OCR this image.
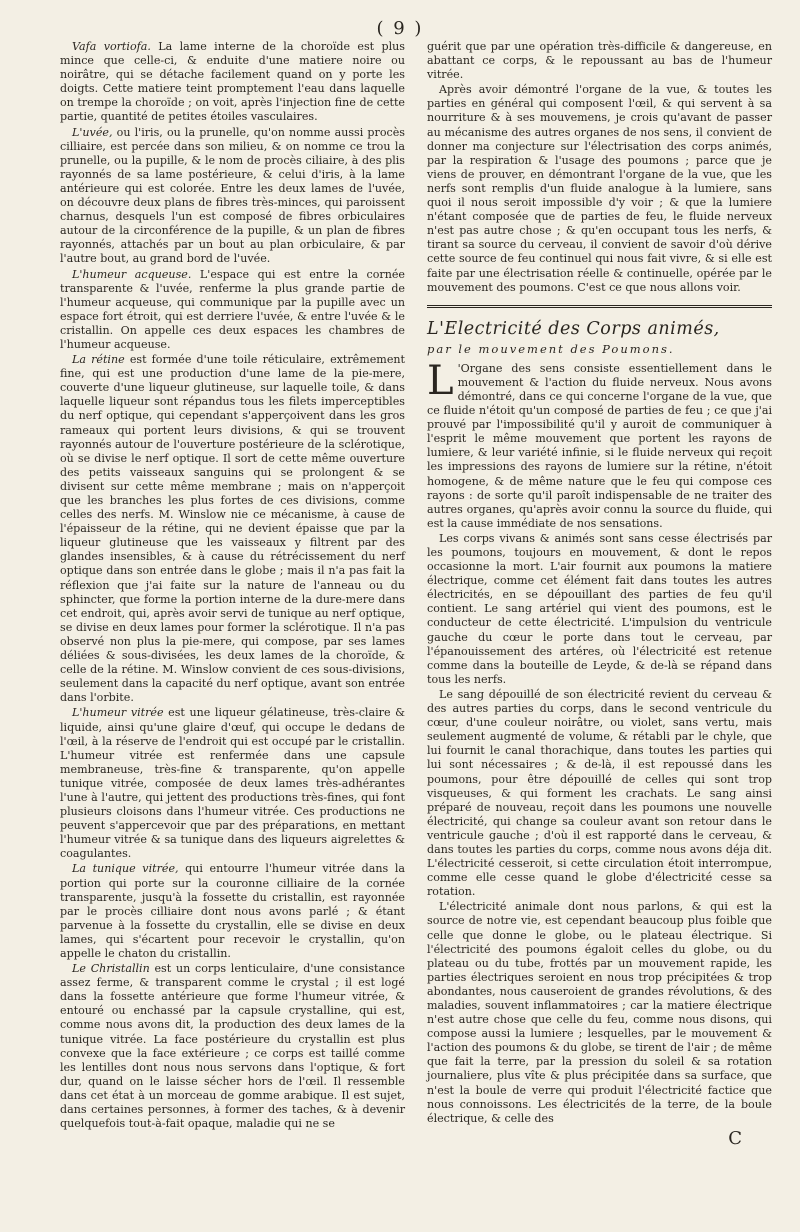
( 9 )

Vafa vortiofa. La lame interne de la choroïde est plus mince que celle-ci, & enduite d'une matiere noire ou noirâtre, qui se détache facilement quand on y porte les doigts. Cette matiere teint promptement l'eau dans laquelle on trempe la choroïde ; on voit, après l'injection fine de cette partie, quantité de petites étoiles vasculaires.

L'uvée, ou l'iris, ou la prunelle, qu'on nomme aussi procès cilliaire, est percée dans son milieu, & on nomme ce trou la prunelle, ou la pupille, & le nom de procès ciliaire, à des plis rayonnés de sa lame postérieure, & celui d'iris, à la lame antérieure qui est colorée. Entre les deux lames de l'uvée, on découvre deux plans de fibres très-minces, qui paroissent charnus, desquels l'un est composé de fibres orbiculaires autour de la circonférence de la pupille, & un plan de fibres rayonnés, attachés par un bout au plan orbiculaire, & par l'autre bout, au grand bord de l'uvée.

L'humeur acqueuse. L'espace qui est entre la cornée transparente & l'uvée, renferme la plus grande partie de l'humeur acqueuse, qui communique par la pupille avec un espace fort étroit, qui est derriere l'uvée, & entre l'uvée & le cristallin. On appelle ces deux espaces les chambres de l'humeur acqueuse.

La rétine est formée d'une toile réticulaire, extrêmement fine, qui est une production d'une lame de la pie-mere, couverte d'une liqueur glutineuse, sur laquelle toile, & dans laquelle liqueur sont répandus tous les filets imperceptibles du nerf optique, qui cependant s'apperçoivent dans les gros rameaux qui portent leurs divisions, & qui se trouvent rayonnés autour de l'ouverture postérieure de la sclérotique, où se divise le nerf optique. Il sort de cette même ouverture des petits vaisseaux sanguins qui se prolongent & se divisent sur cette même membrane ; mais on n'apperçoit que les branches les plus fortes de ces divisions, comme celles des nerfs. M. Winslow nie ce mécanisme, à cause de l'épaisseur de la rétine, qui ne devient épaisse que par la liqueur glutineuse que les vaisseaux y filtrent par des glandes insensibles, & à cause du rétrécissement du nerf optique dans son entrée dans le globe ; mais il n'a pas fait la réflexion que j'ai faite sur la nature de l'anneau ou du sphincter, que forme la portion interne de la dure-mere dans cet endroit, qui, après avoir servi de tunique au nerf optique, se divise en deux lames pour former la sclérotique. Il n'a pas observé non plus la pie-mere, qui compose, par ses lames déliées & sous-divisées, les deux lames de la choroïde, & celle de la rétine. M. Winslow convient de ces sous-divisions, seulement dans la capacité du nerf optique, avant son entrée dans l'orbite.

L'humeur vitrée est une liqueur gélatineuse, très-claire & liquide, ainsi qu'une glaire d'œuf, qui occupe le dedans de l'œil, à la réserve de l'endroit qui est occupé par le cristallin. L'humeur vitrée est renfermée dans une capsule membraneuse, très-fine & transparente, qu'on appelle tunique vitrée, composée de deux lames très-adhérantes l'une à l'autre, qui jettent des productions très-fines, qui font plusieurs cloisons dans l'humeur vitrée. Ces productions ne peuvent s'appercevoir que par des préparations, en mettant l'humeur vitrée & sa tunique dans des liqueurs aigrelettes & coagulantes.

La tunique vitrée, qui entourre l'humeur vitrée dans la portion qui porte sur la couronne cilliaire de la cornée transparente, jusqu'à la fossette du cristallin, est rayonnée par le procès cilliaire dont nous avons parlé ; & étant parvenue à la fossette du crystallin, elle se divise en deux lames, qui s'écartent pour recevoir le crystallin, qu'on appelle le chaton du cristallin.

Le Christallin est un corps lenticulaire, d'une consistance assez ferme, & transparent comme le crystal ; il est logé dans la fossette antérieure que forme l'humeur vitrée, & entouré ou enchassé par la capsule crystalline, qui est, comme nous avons dit, la production des deux lames de la tunique vitrée. La face postérieure du crystallin est plus convexe que la face extérieure ; ce corps est taillé comme les lentilles dont nous nous servons dans l'optique, & fort dur, quand on le laisse sécher hors de l'œil. Il ressemble dans cet état à un morceau de gomme arabique. Il est sujet, dans certaines personnes, à former des taches, & à devenir quelquefois tout-à-fait opaque, maladie qui ne se

guérit que par une opération très-difficile & dangereuse, en abattant ce corps, & le repoussant au bas de l'humeur vitrée.

Après avoir démontré l'organe de la vue, & toutes les parties en général qui composent l'œil, & qui servent à sa nourriture & à ses mouvemens, je crois qu'avant de passer au mécanisme des autres organes de nos sens, il convient de donner ma conjecture sur l'électrisation des corps animés, par la respiration & l'usage des poumons ; parce que je viens de prouver, en démontrant l'organe de la vue, que les nerfs sont remplis d'un fluide analogue à la lumiere, sans quoi il nous seroit impossible d'y voir ; & que la lumiere n'étant composée que de parties de feu, le fluide nerveux n'est pas autre chose ; & qu'en occupant tous les nerfs, & tirant sa source du cerveau, il convient de savoir d'où dérive cette source de feu continuel qui nous fait vivre, & si elle est faite par une électrisation réelle & continuelle, opérée par le mouvement des poumons. C'est ce que nous allons voir.

L'Electricité des Corps animés,
par le mouvement des Poumons.

L 'Organe des sens consiste essentiellement dans le mouvement & l'action du fluide nerveux. Nous avons démontré, dans ce qui concerne l'organe de la vue, que ce fluide n'étoit qu'un composé de parties de feu ; ce que j'ai prouvé par l'impossibilité qu'il y auroit de communiquer à l'esprit le même mouvement que portent les rayons de lumiere, & leur variété infinie, si le fluide nerveux qui reçoit les impressions des rayons de lumiere sur la rétine, n'étoit homogene, & de même nature que le feu qui compose ces rayons : de sorte qu'il paroît indispensable de ne traiter des autres organes, qu'après avoir connu la source du fluide, qui est la cause immédiate de nos sensations.

Les corps vivans & animés sont sans cesse électrisés par les poumons, toujours en mouvement, & dont le repos occasionne la mort. L'air fournit aux poumons la matiere électrique, comme cet élément fait dans toutes les autres électricités, en se dépouillant des parties de feu qu'il contient. Le sang artériel qui vient des poumons, est le conducteur de cette électricité. L'impulsion du ventricule gauche du cœur le porte dans tout le cerveau, par l'épanouissement des artéres, où l'électricité est retenue comme dans la bouteille de Leyde, & de-là se répand dans tous les nerfs.

Le sang dépouillé de son électricité revient du cerveau & des autres parties du corps, dans le second ventricule du cœur, d'une couleur noirâtre, ou violet, sans vertu, mais seulement augmenté de volume, & rétabli par le chyle, que lui fournit le canal thorachique, dans toutes les parties qui lui sont nécessaires ; & de-là, il est repoussé dans les poumons, pour être dépouillé de celles qui sont trop visqueuses, & qui forment les crachats. Le sang ainsi préparé de nouveau, reçoit dans les poumons une nouvelle électricité, qui change sa couleur avant son retour dans le ventricule gauche ; d'où il est rapporté dans le cerveau, & dans toutes les parties du corps, comme nous avons déja dit. L'électricité cesseroit, si cette circulation étoit interrompue, comme elle cesse quand le globe d'électricité cesse sa rotation.

L'électricité animale dont nous parlons, & qui est la source de notre vie, est cependant beaucoup plus foible que celle que donne le globe, ou le plateau électrique. Si l'électricité des poumons égaloit celles du globe, ou du plateau ou du tube, frottés par un mouvement rapide, les parties électriques seroient en nous trop précipitées & trop abondantes, nous causeroient de grandes révolutions, & des maladies, souvent inflammatoires ; car la matiere électrique n'est autre chose que celle du feu, comme nous disons, qui compose aussi la lumiere ; lesquelles, par le mouvement & l'action des poumons & du globe, se tirent de l'air ; de même que fait la terre, par la pression du soleil & sa rotation journaliere, plus vîte & plus précipitée dans sa surface, que n'est la boule de verre qui produit l'électricité factice que nous connoissons. Les électricités de la terre, de la boule électrique, & celle des

C
